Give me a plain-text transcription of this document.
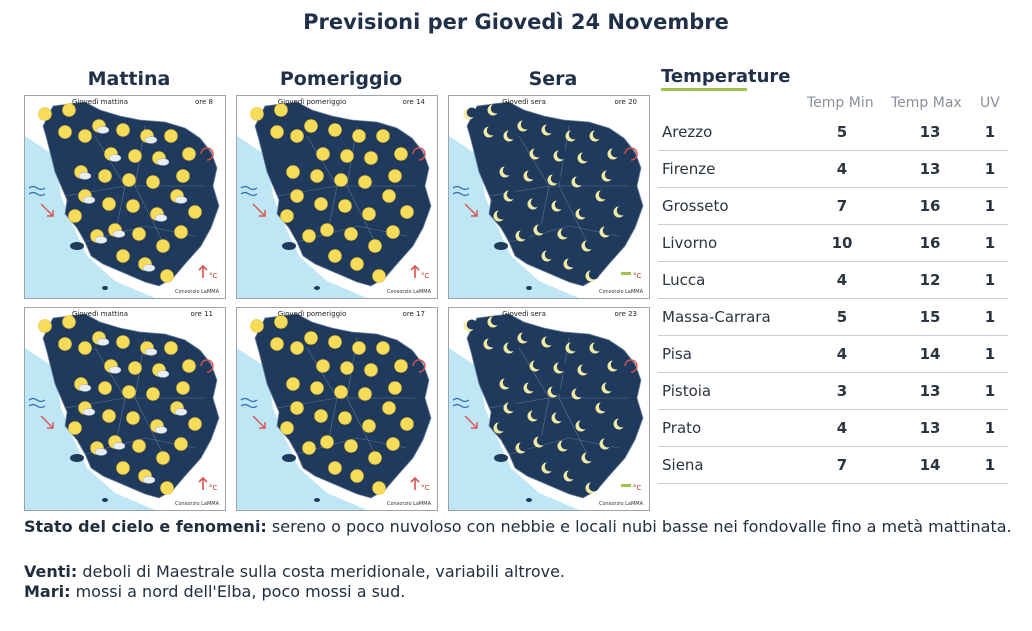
Previsioni per Giovedì 24 Novembre
Mattina	Pomeriggio	Sera
°C
Giovedì mattina	ore 8
Consorzio LaMMA
°C
Giovedì pomeriggio	ore 14
Consorzio LaMMA
°C
Giovedì sera	ore 20
Consorzio LaMMA
°C
Giovedì mattina	ore 11
Consorzio LaMMA
°C
Giovedì pomeriggio	ore 17
Consorzio LaMMA
°C
Giovedì sera	ore 23
Consorzio LaMMA
Temperature
Temp Min Temp Max UV
Arezzo	5	13	1
Firenze	4	13	1
Grosseto	7	16	1
Livorno	10	16	1
Lucca	4	12	1
Massa-Carrara	5	15	1
Pisa	4	14	1
Pistoia	3	13	1
Prato	4	13	1
Siena	7	14	1
Stato del cielo e fenomeni: sereno o poco nuvoloso con nebbie e locali nubi basse nei fondovalle fino a metà mattinata.
Venti: deboli di Maestrale sulla costa meridionale, variabili altrove.
Mari: mossi a nord dell'Elba, poco mossi a sud.
